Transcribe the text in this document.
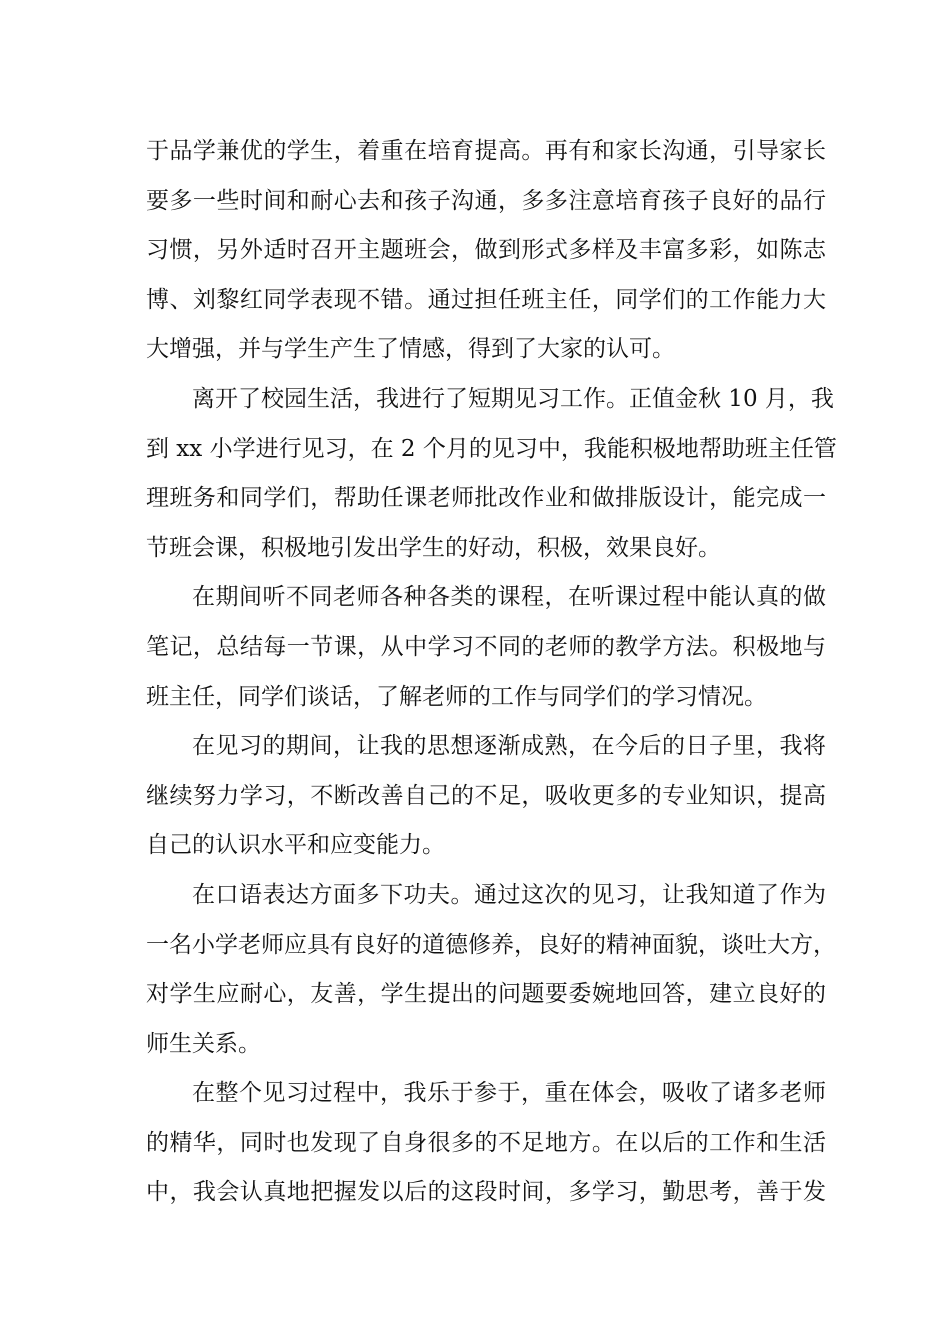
于品学兼优的学生，着重在培育提高。再有和家长沟通，引导家长
要多一些时间和耐心去和孩子沟通，多多注意培育孩子良好的品行
习惯，另外适时召开主题班会，做到形式多样及丰富多彩，如陈志
博、刘黎红同学表现不错。通过担任班主任，同学们的工作能力大
大增强，并与学生产生了情感，得到了大家的认可。
离开了校园生活，我进行了短期见习工作。正值金秋 10 月，我
到 xx 小学进行见习，在 2 个月的见习中，我能积极地帮助班主任管
理班务和同学们，帮助任课老师批改作业和做排版设计，能完成一
节班会课，积极地引发出学生的好动，积极，效果良好。
在期间听不同老师各种各类的课程，在听课过程中能认真的做
笔记，总结每一节课，从中学习不同的老师的教学方法。积极地与
班主任，同学们谈话，了解老师的工作与同学们的学习情况。
在见习的期间，让我的思想逐渐成熟，在今后的日子里，我将
继续努力学习，不断改善自己的不足，吸收更多的专业知识，提高
自己的认识水平和应变能力。
在口语表达方面多下功夫。通过这次的见习，让我知道了作为
一名小学老师应具有良好的道德修养，良好的精神面貌，谈吐大方，
对学生应耐心，友善，学生提出的问题要委婉地回答，建立良好的
师生关系。
在整个见习过程中，我乐于参于，重在体会，吸收了诸多老师
的精华，同时也发现了自身很多的不足地方。在以后的工作和生活
中，我会认真地把握发以后的这段时间，多学习，勤思考，善于发
